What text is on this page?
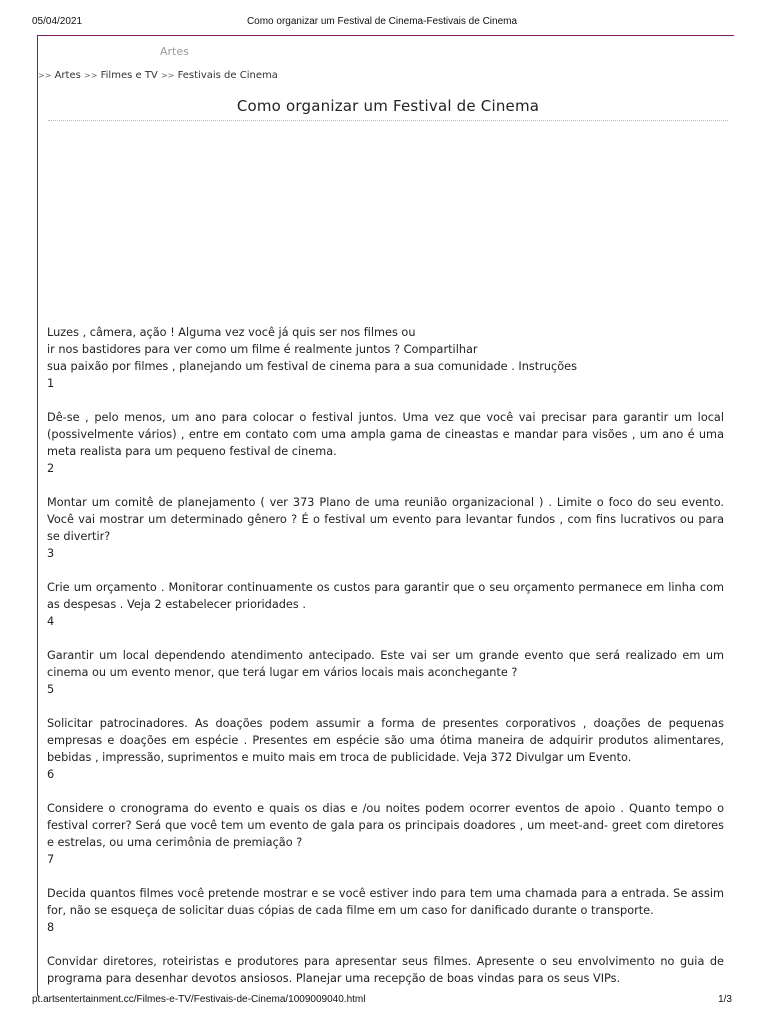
05/04/2021	Como organizar um Festival de Cinema-Festivais de Cinema
Artes
>> Artes >> Filmes e TV >> Festivais de Cinema
Como organizar um Festival de Cinema

Luzes , câmera, ação ! Alguma vez você já quis ser nos filmes ou
ir nos bastidores para ver como um filme é realmente juntos ? Compartilhar
sua paixão por filmes , planejando um festival de cinema para a sua comunidade . Instruções

1
Dê-se , pelo menos, um ano para colocar o festival juntos. Uma vez que você vai precisar para garantir um local (possivelmente vários) , entre em contato com uma ampla gama de cineastas e mandar para visões , um ano é uma meta realista para um pequeno festival de cinema.
2
Montar um comitê de planejamento ( ver 373 Plano de uma reunião organizacional ) . Limite o foco do seu evento. Você vai mostrar um determinado gênero ? É o festival um evento para levantar fundos , com fins lucrativos ou para se divertir?
3
Crie um orçamento . Monitorar continuamente os custos para garantir que o seu orçamento permanece em linha com as despesas . Veja 2 estabelecer prioridades .
4
Garantir um local dependendo atendimento antecipado. Este vai ser um grande evento que será realizado em um cinema ou um evento menor, que terá lugar em vários locais mais aconchegante ?
5
Solicitar patrocinadores. As doações podem assumir a forma de presentes corporativos , doações de pequenas empresas e doações em espécie . Presentes em espécie são uma ótima maneira de adquirir produtos alimentares, bebidas , impressão, suprimentos e muito mais em troca de publicidade. Veja 372 Divulgar um Evento.
6
Considere o cronograma do evento e quais os dias e /ou noites podem ocorrer eventos de apoio . Quanto tempo o festival correr? Será que você tem um evento de gala para os principais doadores , um meet-and- greet com diretores e estrelas, ou uma cerimônia de premiação ?
7
Decida quantos filmes você pretende mostrar e se você estiver indo para tem uma chamada para a entrada. Se assim for, não se esqueça de solicitar duas cópias de cada filme em um caso for danificado durante o transporte.
8
Convidar diretores, roteiristas e produtores para apresentar seus filmes. Apresente o seu envolvimento no guia de programa para desenhar devotos ansiosos. Planejar uma recepção de boas vindas para os seus VIPs.
pt.artsentertainment.cc/Filmes-e-TV/Festivais-de-Cinema/1009009040.html	1/3
